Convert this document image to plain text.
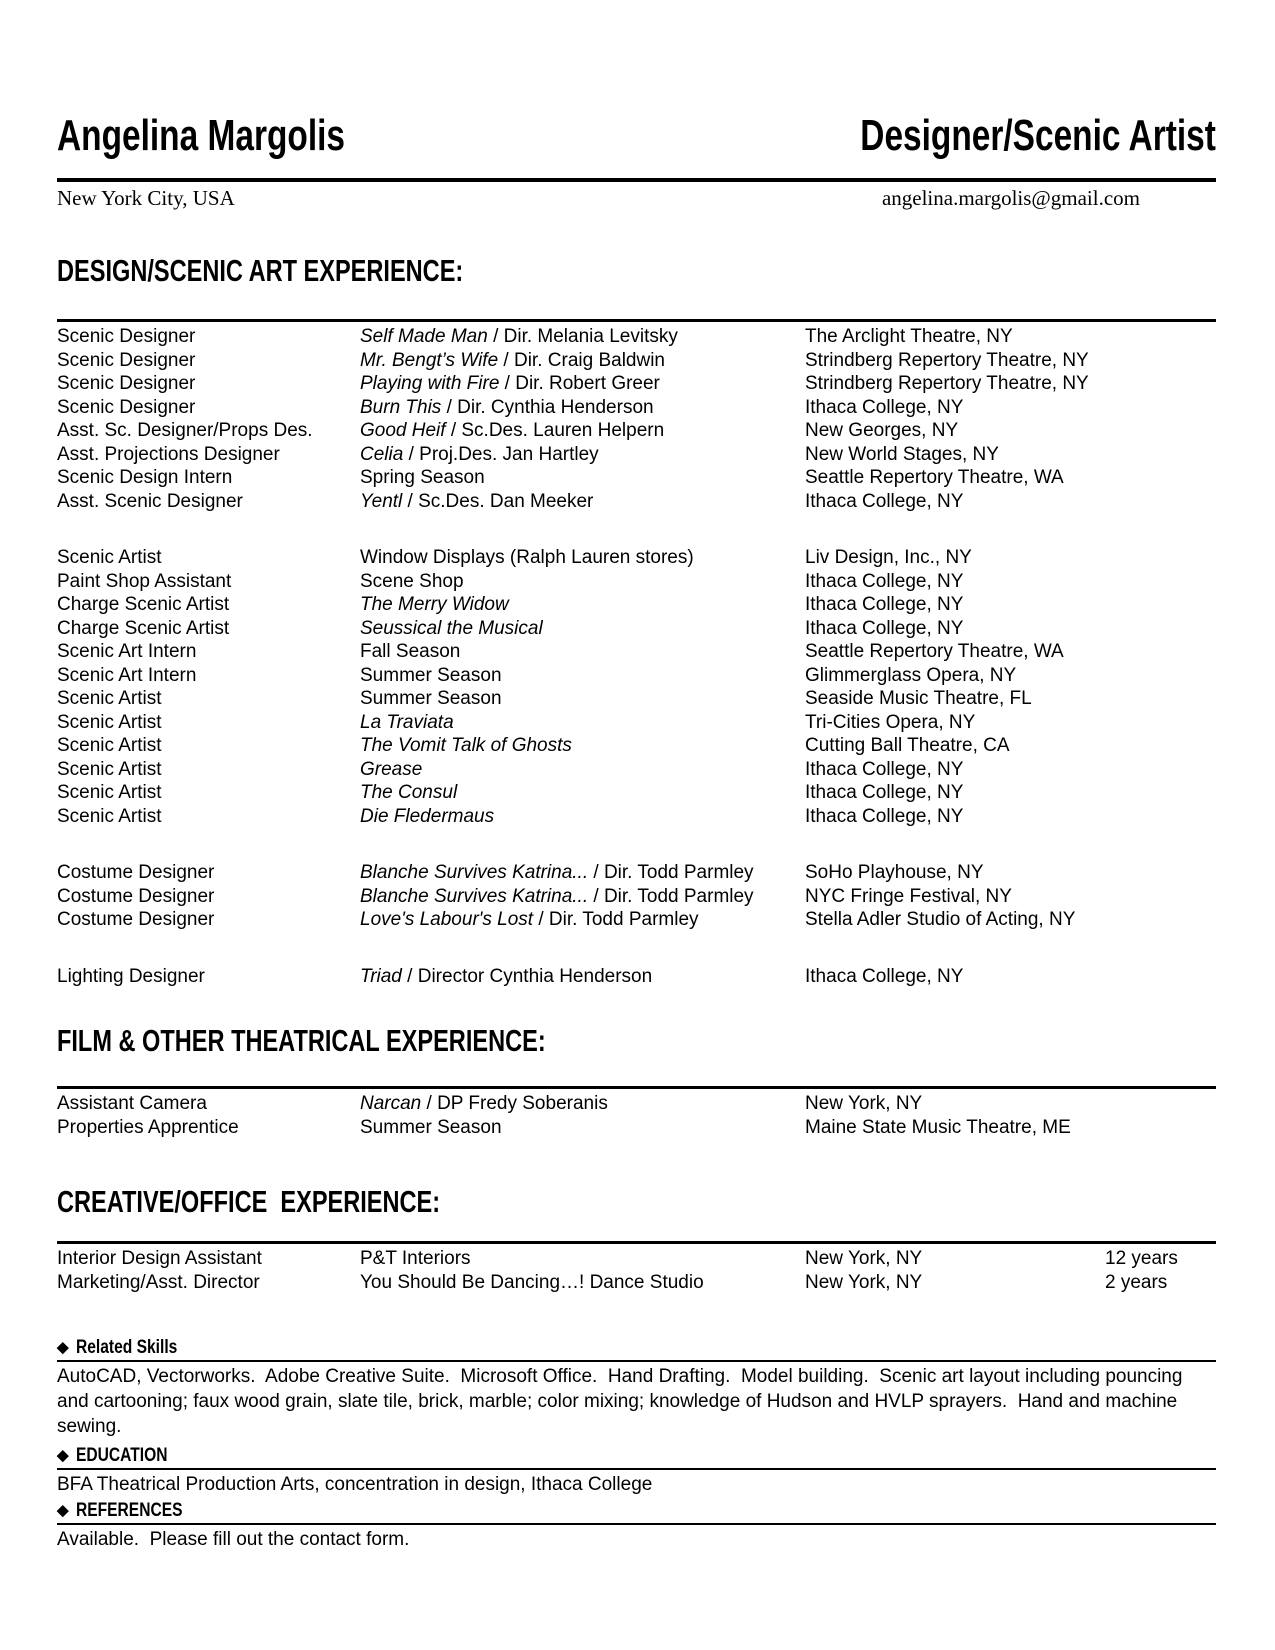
Angelina Margolis	Designer/Scenic Artist
New York City, USA	angelina.margolis@gmail.com
DESIGN/SCENIC ART EXPERIENCE:
Scenic Designer	Self Made Man / Dir. Melania Levitsky	The Arclight Theatre, NY
Scenic Designer	Mr. Bengt’s Wife / Dir. Craig Baldwin	Strindberg Repertory Theatre, NY
Scenic Designer	Playing with Fire / Dir. Robert Greer	Strindberg Repertory Theatre, NY
Scenic Designer	Burn This / Dir. Cynthia Henderson	Ithaca College, NY
Asst. Sc. Designer/Props Des.	Good Heif / Sc.Des. Lauren Helpern	New Georges, NY
Asst. Projections Designer	Celia / Proj.Des. Jan Hartley	New World Stages, NY
Scenic Design Intern	Spring Season	Seattle Repertory Theatre, WA
Asst. Scenic Designer	Yentl / Sc.Des. Dan Meeker	Ithaca College, NY
Scenic Artist	Window Displays (Ralph Lauren stores)	Liv Design, Inc., NY
Paint Shop Assistant	Scene Shop	Ithaca College, NY
Charge Scenic Artist	The Merry Widow	Ithaca College, NY
Charge Scenic Artist	Seussical the Musical	Ithaca College, NY
Scenic Art Intern	Fall Season	Seattle Repertory Theatre, WA
Scenic Art Intern	Summer Season	Glimmerglass Opera, NY
Scenic Artist	Summer Season	Seaside Music Theatre, FL
Scenic Artist	La Traviata	Tri-Cities Opera, NY
Scenic Artist	The Vomit Talk of Ghosts	Cutting Ball Theatre, CA
Scenic Artist	Grease	Ithaca College, NY
Scenic Artist	The Consul	Ithaca College, NY
Scenic Artist	Die Fledermaus	Ithaca College, NY
Costume Designer	Blanche Survives Katrina... / Dir. Todd Parmley	SoHo Playhouse, NY
Costume Designer	Blanche Survives Katrina... / Dir. Todd Parmley	NYC Fringe Festival, NY
Costume Designer	Love's Labour's Lost / Dir. Todd Parmley	Stella Adler Studio of Acting, NY
Lighting Designer	Triad / Director Cynthia Henderson	Ithaca College, NY
FILM & OTHER THEATRICAL EXPERIENCE:
Assistant Camera	Narcan / DP Fredy Soberanis	New York, NY
Properties Apprentice	Summer Season	Maine State Music Theatre, ME
CREATIVE/OFFICE  EXPERIENCE:
Interior Design Assistant	P&T Interiors	New York, NY	12 years
Marketing/Asst. Director	You Should Be Dancing…! Dance Studio	New York, NY	2 years
◆ Related Skills
AutoCAD, Vectorworks.  Adobe Creative Suite.  Microsoft Office.  Hand Drafting.  Model building.  Scenic art layout including pouncing and cartooning; faux wood grain, slate tile, brick, marble; color mixing; knowledge of Hudson and HVLP sprayers.  Hand and machine sewing.
◆ EDUCATION
BFA Theatrical Production Arts, concentration in design, Ithaca College
◆ REFERENCES
Available.  Please fill out the contact form.
